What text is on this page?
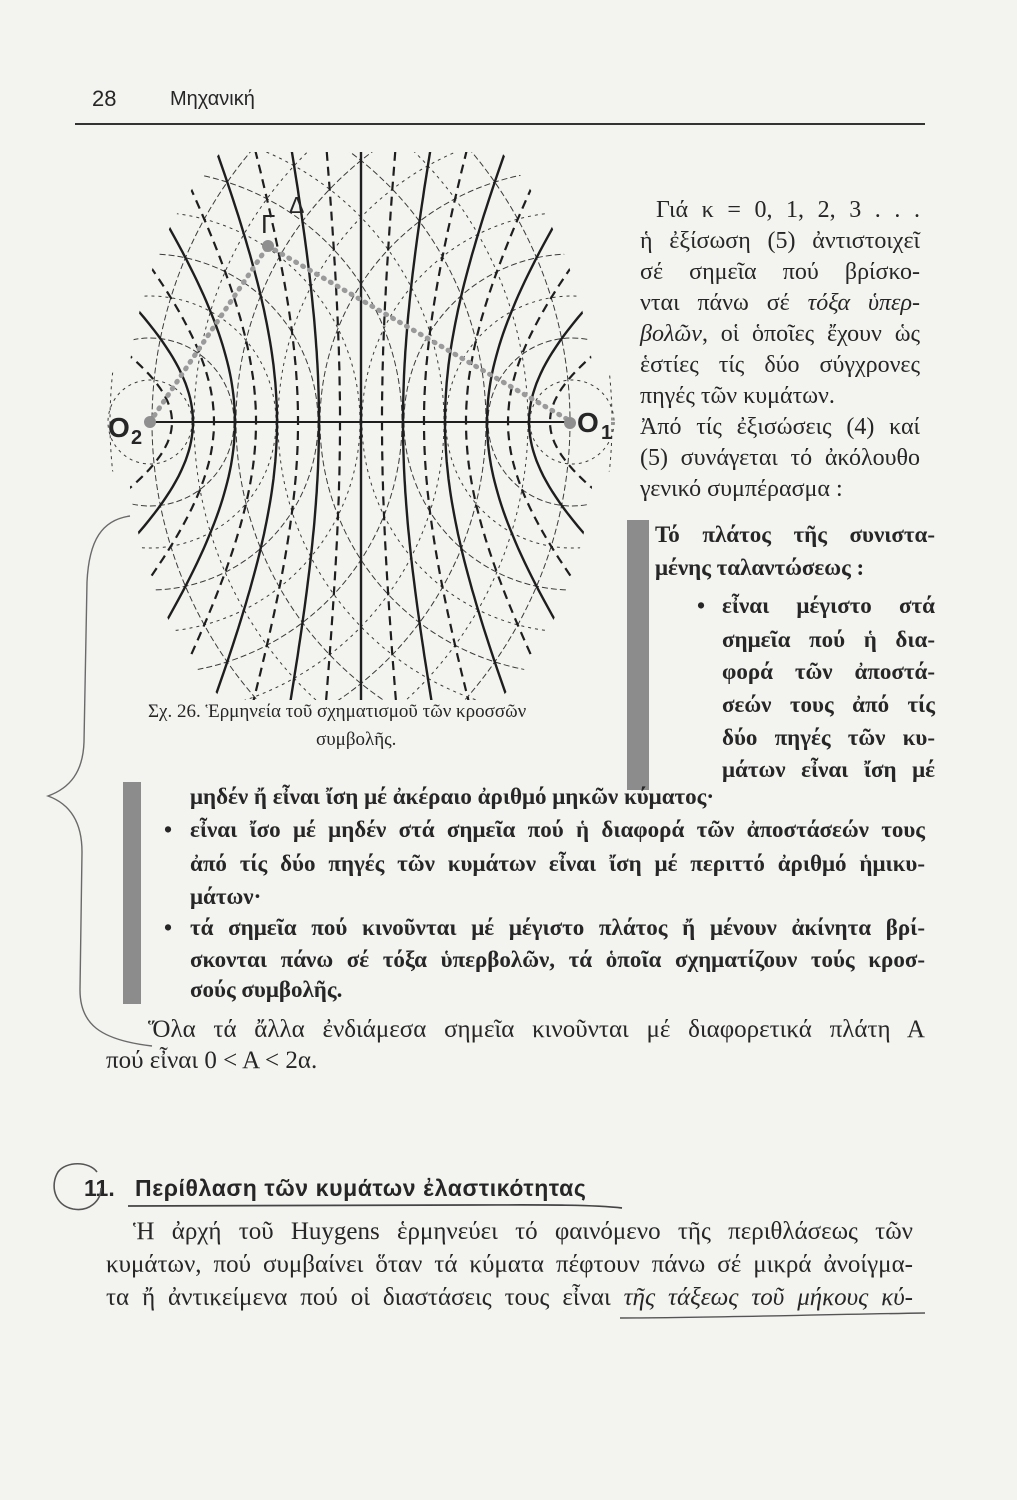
28	Μηχανική
Γ
Δ
O 2	O 1
Σχ. 26. Ἑρμηνεία τοῦ σχηματισμοῦ τῶν κροσσῶν
συμβολῆς.
Γιά κ = 0, 1, 2, 3 . . .
ἡ ἐξίσωση (5) ἀντιστοιχεῖ
σέ σημεῖα πού βρίσκο-
νται πάνω σέ τόξα ὑπερ-
βολῶν, οἱ ὁποῖες ἔχουν ὡς
ἑστίες τίς δύο σύγχρονες
πηγές τῶν κυμάτων.
Ἀπό τίς ἐξισώσεις (4) καί
(5) συνάγεται τό ἀκόλουθο
γενικό συμπέρασμα :
Τό πλάτος τῆς συνιστα-
μένης ταλαντώσεως :
• εἶναι μέγιστο στά
σημεῖα πού ἡ δια-
φορά τῶν ἀποστά-
σεών τους ἀπό τίς
δύο πηγές τῶν κυ-
μάτων εἶναι ἴση μέ
μηδέν ἤ εἶναι ἴση μέ ἀκέραιο ἀριθμό μηκῶν κύματος·
• εἶναι ἴσο μέ μηδέν στά σημεῖα πού ἡ διαφορά τῶν ἀποστάσεών τους
ἀπό τίς δύο πηγές τῶν κυμάτων εἶναι ἴση μέ περιττό ἀριθμό ἡμικυ-
μάτων·
• τά σημεῖα πού κινοῦνται μέ μέγιστο πλάτος ἤ μένουν ἀκίνητα βρί-
σκονται πάνω σέ τόξα ὑπερβολῶν, τά ὁποῖα σχηματίζουν τούς κροσ-
σούς συμβολῆς.
Ὅλα τά ἄλλα ἐνδιάμεσα σημεῖα κινοῦνται μέ διαφορετικά πλάτη Α
πού εἶναι 0 < Α < 2α.
11. Περίθλαση τῶν κυμάτων ἐλαστικότητας
Ἡ ἀρχή τοῦ Huygens ἑρμηνεύει τό φαινόμενο τῆς περιθλάσεως τῶν
κυμάτων, πού συμβαίνει ὅταν τά κύματα πέφτουν πάνω σέ μικρά ἀνοίγμα-
τα ἤ ἀντικείμενα πού οἱ διαστάσεις τους εἶναι τῆς τάξεως τοῦ μήκους κύ-
